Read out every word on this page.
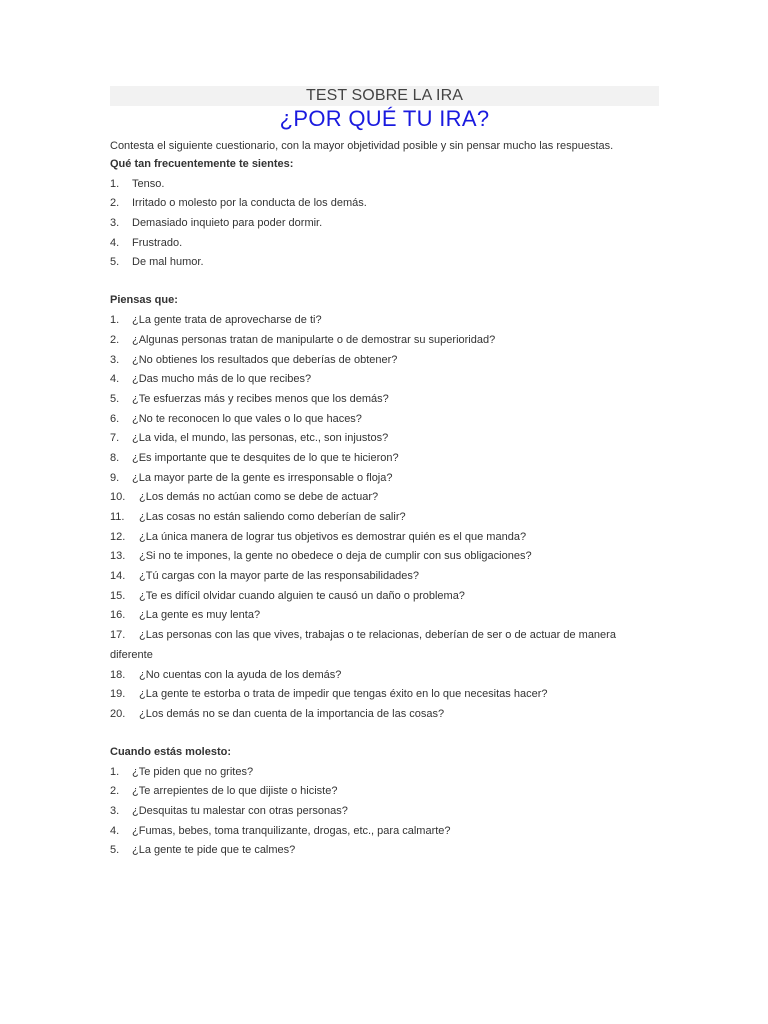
TEST SOBRE LA IRA
¿POR QUÉ TU IRA?
Contesta el siguiente cuestionario, con la mayor objetividad posible y sin pensar mucho las respuestas.
Qué tan frecuentemente te sientes:
1.	Tenso.
2.	Irritado o molesto por la conducta de los demás.
3.	Demasiado inquieto para poder dormir.
4.	Frustrado.
5.	De mal humor.
Piensas que:
1.	¿La gente trata de aprovecharse de ti?
2.	¿Algunas personas tratan de manipularte o de demostrar su superioridad?
3.	¿No obtienes los resultados que deberías de obtener?
4.	¿Das mucho más de lo que recibes?
5.	¿Te esfuerzas más y recibes menos que los demás?
6.	¿No te reconocen lo que vales o lo que haces?
7.	¿La vida, el mundo, las personas, etc., son injustos?
8.	¿Es importante que te desquites de lo que te hicieron?
9.	¿La mayor parte de la gente es irresponsable o floja?
10.	¿Los demás no actúan como se debe de actuar?
11.	¿Las cosas no están saliendo como deberían de salir?
12.	¿La única manera de lograr tus objetivos es demostrar quién es el que manda?
13.	¿Si no te impones, la gente no obedece o deja de cumplir con sus obligaciones?
14.	¿Tú cargas con la mayor parte de las responsabilidades?
15.	¿Te es difícil olvidar cuando alguien te causó un daño o problema?
16.	¿La gente es muy lenta?
17. ¿Las personas con las que vives, trabajas o te relacionas, deberían de ser o de actuar de manera
diferente
18.	¿No cuentas con la ayuda de los demás?
19.	¿La gente te estorba o trata de impedir que tengas éxito en lo que necesitas hacer?
20.	¿Los demás no se dan cuenta de la importancia de las cosas?
Cuando estás molesto:
1.	¿Te piden que no grites?
2.	¿Te arrepientes de lo que dijiste o hiciste?
3.	¿Desquitas tu malestar con otras personas?
4.	¿Fumas, bebes, toma tranquilizante, drogas, etc., para calmarte?
5.	¿La gente te pide que te calmes?
